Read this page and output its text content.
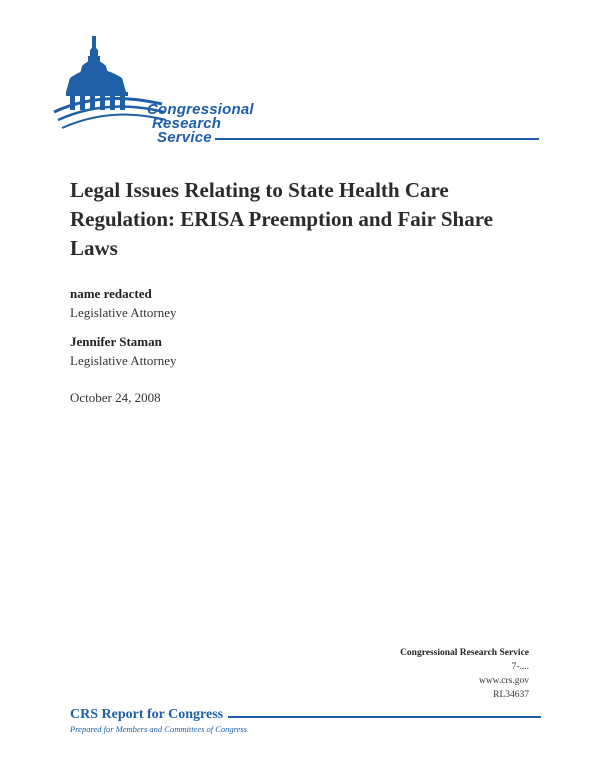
Congressional
Research
Service
Legal Issues Relating to State Health Care Regulation: ERISA Preemption and Fair Share Laws
name redacted
Legislative Attorney
Jennifer Staman
Legislative Attorney
October 24, 2008
Congressional Research Service
7-....
www.crs.gov
RL34637
CRS Report for Congress
Prepared for Members and Committees of Congress
